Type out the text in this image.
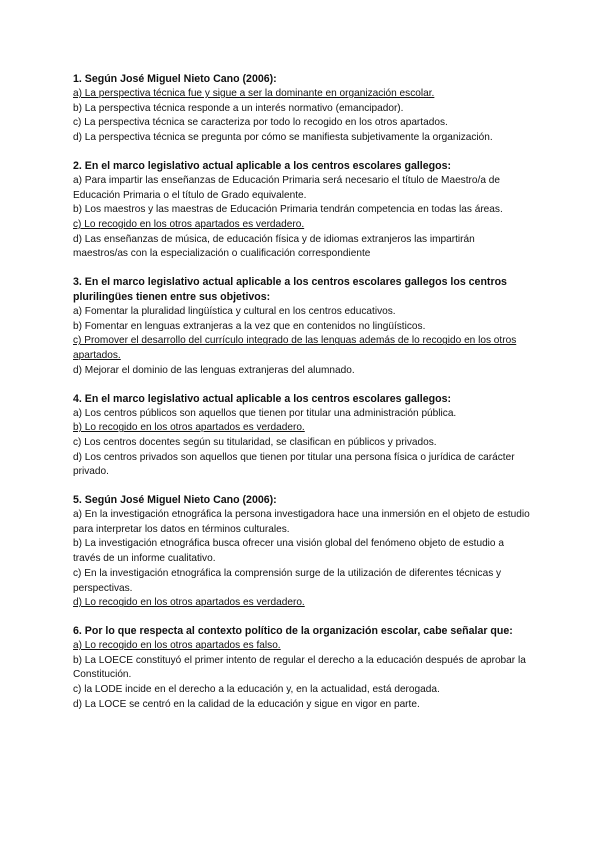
1. Según José Miguel Nieto Cano (2006):

a) La perspectiva técnica fue y sigue a ser la dominante en organización escolar.

b) La perspectiva técnica responde a un interés normativo (emancipador).

c) La perspectiva técnica se caracteriza por todo lo recogido en los otros apartados.

d) La perspectiva técnica se pregunta por cómo se manifiesta subjetivamente la organización.

2. En el marco legislativo actual aplicable a los centros escolares gallegos:

a) Para impartir las enseñanzas de Educación Primaria será necesario el título de Maestro/a de Educación Primaria o el título de Grado equivalente.

b) Los maestros y las maestras de Educación Primaria tendrán competencia en todas las áreas.

c) Lo recogido en los otros apartados es verdadero.

d) Las enseñanzas de música, de educación física y de idiomas extranjeros las impartirán maestros/as con la especialización o cualificación correspondiente

3. En el marco legislativo actual aplicable a los centros escolares gallegos los centros plurilingües tienen entre sus objetivos:

a) Fomentar la pluralidad lingüística y cultural en los centros educativos.

b) Fomentar en lenguas extranjeras a la vez que en contenidos no lingüísticos.

c) Promover el desarrollo del currículo integrado de las lenguas además de lo recogido en los otros apartados.

d) Mejorar el dominio de las lenguas extranjeras del alumnado.

4. En el marco legislativo actual aplicable a los centros escolares gallegos:

a) Los centros públicos son aquellos que tienen por titular una administración pública.

b) Lo recogido en los otros apartados es verdadero.

c) Los centros docentes según su titularidad, se clasifican en públicos y privados.

d) Los centros privados son aquellos que tienen por titular una persona física o jurídica de carácter privado.

5. Según José Miguel Nieto Cano (2006):

a) En la investigación etnográfica la persona investigadora hace una inmersión en el objeto de estudio para interpretar los datos en términos culturales.

b) La investigación etnográfica busca ofrecer una visión global del fenómeno objeto de estudio a través de un informe cualitativo.

c) En la investigación etnográfica la comprensión surge de la utilización de diferentes técnicas y perspectivas.

d) Lo recogido en los otros apartados es verdadero.

6. Por lo que respecta al contexto político de la organización escolar, cabe señalar que:

a) Lo recogido en los otros apartados es falso.

b) La LOECE constituyó el primer intento de regular el derecho a la educación después de aprobar la Constitución.

c) la LODE incide en el derecho a la educación y, en la actualidad, está derogada.

d) La LOCE se centró en la calidad de la educación y sigue en vigor en parte.
